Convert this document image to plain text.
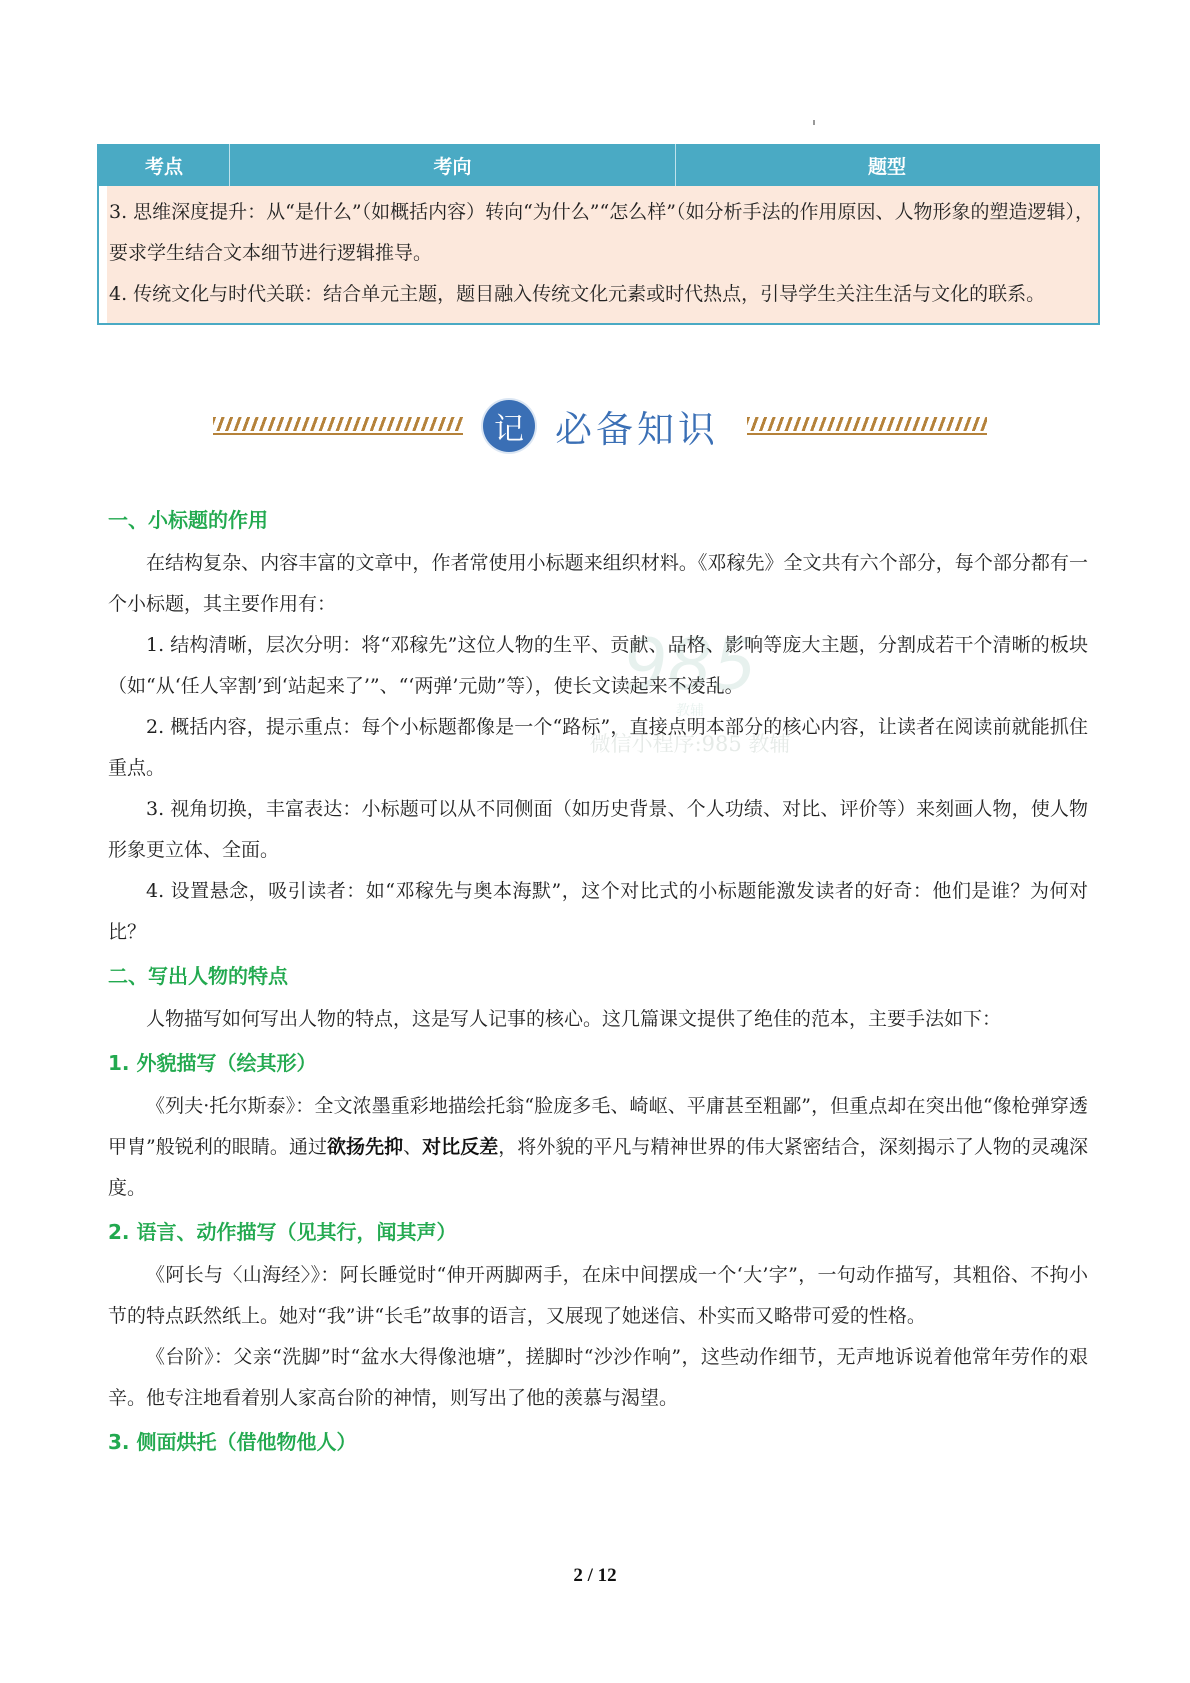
考点	考向	题型
3. 思维深度提升：从“是什么”（如概括内容）转向“为什么”“怎么样”（如分析手法的作用原因、人物形象的塑造逻辑），要求学生结合文本细节进行逻辑推导。
4. 传统文化与时代关联：结合单元主题，题目融入传统文化元素或时代热点，引导学生关注生活与文化的联系。
记 必备知识
985
教辅
微信小程序:985 教辅
一、小标题的作用

在结构复杂、内容丰富的文章中，作者常使用小标题来组织材料。《邓稼先》全文共有六个部分，每个部分都有一个小标题，其主要作用有：

1. 结构清晰，层次分明：将“邓稼先”这位人物的生平、贡献、品格、影响等庞大主题，分割成若干个清晰的板块（如“从‘任人宰割’到‘站起来了’”、“‘两弹’元勋”等），使长文读起来不凌乱。

2. 概括内容，提示重点：每个小标题都像是一个“路标”，直接点明本部分的核心内容，让读者在阅读前就能抓住重点。

3. 视角切换，丰富表达：小标题可以从不同侧面（如历史背景、个人功绩、对比、评价等）来刻画人物，使人物形象更立体、全面。

4. 设置悬念，吸引读者：如“邓稼先与奥本海默”，这个对比式的小标题能激发读者的好奇：他们是谁？为何对比？

二、写出人物的特点

人物描写如何写出人物的特点，这是写人记事的核心。这几篇课文提供了绝佳的范本，主要手法如下：

1. 外貌描写（绘其形）

《列夫·托尔斯泰》：全文浓墨重彩地描绘托翁“脸庞多毛、崎岖、平庸甚至粗鄙”，但重点却在突出他“像枪弹穿透甲胄”般锐利的眼睛。通过欲扬先抑、对比反差，将外貌的平凡与精神世界的伟大紧密结合，深刻揭示了人物的灵魂深度。

2. 语言、动作描写（见其行，闻其声）

《阿长与〈山海经〉》：阿长睡觉时“伸开两脚两手，在床中间摆成一个‘大’字”，一句动作描写，其粗俗、不拘小节的特点跃然纸上。她对“我”讲“长毛”故事的语言，又展现了她迷信、朴实而又略带可爱的性格。

《台阶》：父亲“洗脚”时“盆水大得像池塘”，搓脚时“沙沙作响”，这些动作细节，无声地诉说着他常年劳作的艰辛。他专注地看着别人家高台阶的神情，则写出了他的羡慕与渴望。

3. 侧面烘托（借他物他人）
2 / 12
